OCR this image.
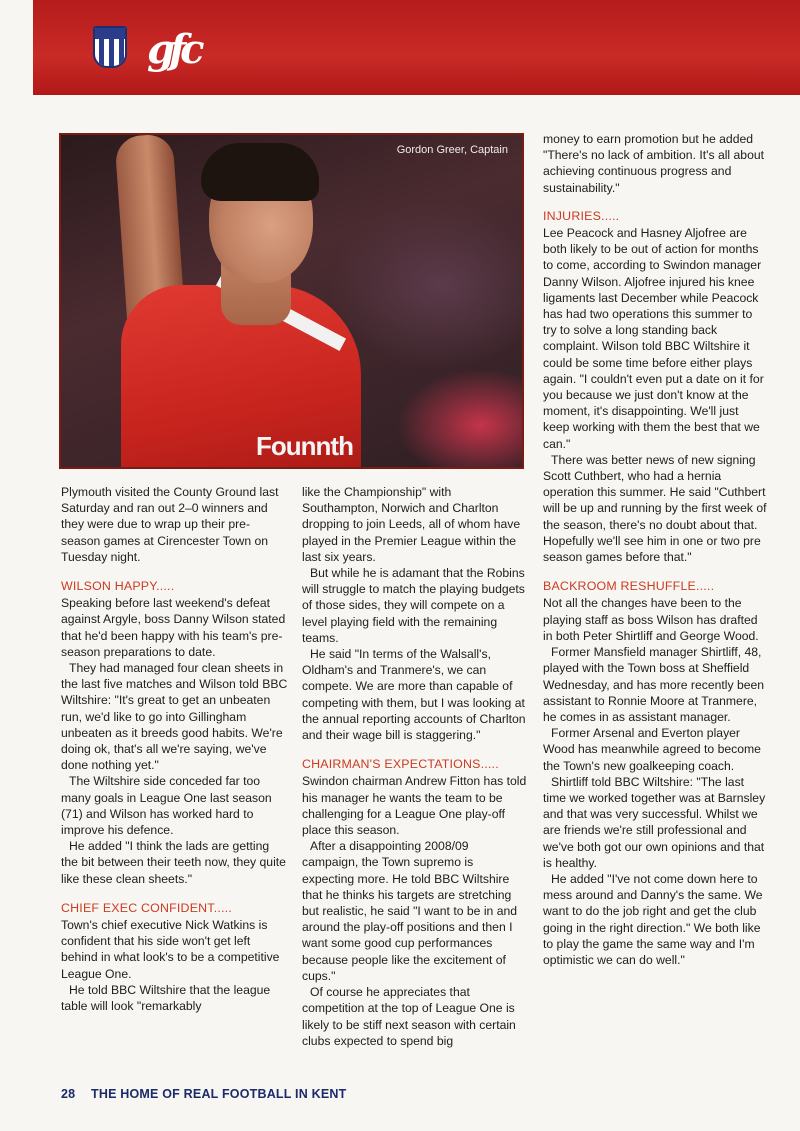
gfc
Founnth
Gordon Greer, Captain

Plymouth visited the County Ground last Saturday and ran out 2–0 winners and they were due to wrap up their pre-season games at Cirencester Town on Tuesday night.

WILSON HAPPY.....

Speaking before last weekend's defeat against Argyle, boss Danny Wilson stated that he'd been happy with his team's pre-season preparations to date.

They had managed four clean sheets in the last five matches and Wilson told BBC Wiltshire: "It's great to get an unbeaten run, we'd like to go into Gillingham unbeaten as it breeds good habits. We're doing ok, that's all we're saying, we've done nothing yet."

The Wiltshire side conceded far too many goals in League One last season (71) and Wilson has worked hard to improve his defence.

He added "I think the lads are getting the bit between their teeth now, they quite like these clean sheets."

CHIEF EXEC CONFIDENT.....

Town's chief executive Nick Watkins is confident that his side won't get left behind in what look's to be a competitive League One.

He told BBC Wiltshire that the league table will look "remarkably

like the Championship" with Southampton, Norwich and Charlton dropping to join Leeds, all of whom have played in the Premier League within the last six years.

But while he is adamant that the Robins will struggle to match the playing budgets of those sides, they will compete on a level playing field with the remaining teams.

He said "In terms of the Walsall's, Oldham's and Tranmere's, we can compete. We are more than capable of competing with them, but I was looking at the annual reporting accounts of Charlton and their wage bill is staggering."

CHAIRMAN'S EXPECTATIONS.....

Swindon chairman Andrew Fitton has told his manager he wants the team to be challenging for a League One play-off place this season.

After a disappointing 2008/09 campaign, the Town supremo is expecting more. He told BBC Wiltshire that he thinks his targets are stretching but realistic, he said "I want to be in and around the play-off positions and then I want some good cup performances because people like the excitement of cups."

Of course he appreciates that competition at the top of League One is likely to be stiff next season with certain clubs expected to spend big

money to earn promotion but he added "There's no lack of ambition. It's all about achieving continuous progress and sustainability."

INJURIES.....

Lee Peacock and Hasney Aljofree are both likely to be out of action for months to come, according to Swindon manager Danny Wilson. Aljofree injured his knee ligaments last December while Peacock has had two operations this summer to try to solve a long standing back complaint. Wilson told BBC Wiltshire it could be some time before either plays again. "I couldn't even put a date on it for you because we just don't know at the moment, it's disappointing. We'll just keep working with them the best that we can."

There was better news of new signing Scott Cuthbert, who had a hernia operation this summer. He said "Cuthbert will be up and running by the first week of the season, there's no doubt about that. Hopefully we'll see him in one or two pre season games before that."

BACKROOM RESHUFFLE.....

Not all the changes have been to the playing staff as boss Wilson has drafted in both Peter Shirtliff and George Wood.

Former Mansfield manager Shirtliff, 48, played with the Town boss at Sheffield Wednesday, and has more recently been assistant to Ronnie Moore at Tranmere, he comes in as assistant manager.

Former Arsenal and Everton player Wood has meanwhile agreed to become the Town's new goalkeeping coach.

Shirtliff told BBC Wiltshire: "The last time we worked together was at Barnsley and that was very successful. Whilst we are friends we're still professional and we've both got our own opinions and that is healthy.

He added "I've not come down here to mess around and Danny's the same. We want to do the job right and get the club going in the right direction." We both like to play the game the same way and I'm optimistic we can do well."

28 THE HOME OF REAL FOOTBALL IN KENT
